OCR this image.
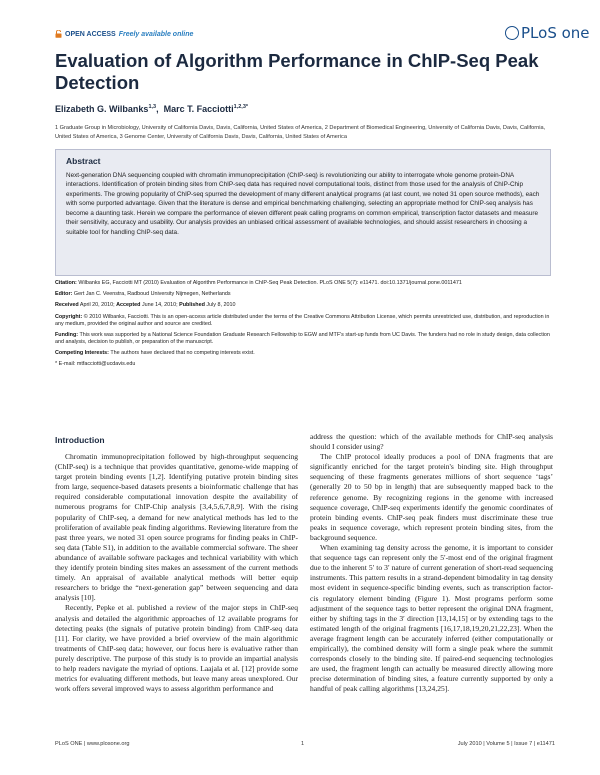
OPEN ACCESS Freely available online	PLoS one
Evaluation of Algorithm Performance in ChIP-Seq Peak Detection
Elizabeth G. Wilbanks$^{1,3}$,  Marc T. Facciotti$^{1,2,3*}$
1 Graduate Group in Microbiology, University of California Davis, Davis, California, United States of America, 2 Department of Biomedical Engineering, University of California Davis, Davis, California, United States of America, 3 Genome Center, University of California Davis, Davis, California, United States of America
Abstract

Next-generation DNA sequencing coupled with chromatin immunoprecipitation (ChIP-seq) is revolutionizing our ability to interrogate whole genome protein-DNA interactions. Identification of protein binding sites from ChIP-seq data has required novel computational tools, distinct from those used for the analysis of ChIP-Chip experiments. The growing popularity of ChIP-seq spurred the development of many different analytical programs (at last count, we noted 31 open source methods), each with some purported advantage. Given that the literature is dense and empirical benchmarking challenging, selecting an appropriate method for ChIP-seq analysis has become a daunting task. Herein we compare the performance of eleven different peak calling programs on common empirical, transcription factor datasets and measure their sensitivity, accuracy and usability. Our analysis provides an unbiased critical assessment of available technologies, and should assist researchers in choosing a suitable tool for handling ChIP-seq data.

Citation: Wilbanks EG, Facciotti MT (2010) Evaluation of Algorithm Performance in ChIP-Seq Peak Detection. PLoS ONE 5(7): e11471. doi:10.1371/journal.pone.0011471
Editor: Gert Jan C. Veenstra, Radboud University Nijmegen, Netherlands
Received April 20, 2010; Accepted June 14, 2010; Published July 8, 2010
Copyright: © 2010 Wilbanks, Facciotti. This is an open-access article distributed under the terms of the Creative Commons Attribution License, which permits unrestricted use, distribution, and reproduction in any medium, provided the original author and source are credited.
Funding: This work was supported by a National Science Foundation Graduate Research Fellowship to EGW and MTF's start-up funds from UC Davis. The funders had no role in study design, data collection and analysis, decision to publish, or preparation of the manuscript.
Competing Interests: The authors have declared that no competing interests exist.
* E-mail: mtfacciotti@ucdavis.edu
Introduction

Chromatin immunoprecipitation followed by high-throughput sequencing (ChIP-seq) is a technique that provides quantitative, genome-wide mapping of target protein binding events [1,2]. Identifying putative protein binding sites from large, sequence-based datasets presents a bioinformatic challenge that has required considerable computational innovation despite the availability of numerous programs for ChIP-Chip analysis [3,4,5,6,7,8,9]. With the rising popularity of ChIP-seq, a demand for new analytical methods has led to the proliferation of available peak finding algorithms. Reviewing literature from the past three years, we noted 31 open source programs for finding peaks in ChIP-seq data (Table S1), in addition to the available commercial software. The sheer abundance of available software packages and technical variability with which they identify protein binding sites makes an assessment of the current methods timely. An appraisal of available analytical methods will better equip researchers to bridge the “next-generation gap” between sequencing and data analysis [10].

Recently, Pepke et al. published a review of the major steps in ChIP-seq analysis and detailed the algorithmic approaches of 12 available programs for detecting peaks (the signals of putative protein binding) from ChIP-seq data [11]. For clarity, we have provided a brief overview of the main algorithmic treatments of ChIP-seq data; however, our focus here is evaluative rather than purely descriptive. The purpose of this study is to provide an impartial analysis to help readers navigate the myriad of options. Laajala et al. [12] provide some metrics for evaluating different methods, but leave many areas unexplored. Our work offers several improved ways to assess algorithm performance and

address the question: which of the available methods for ChIP-seq analysis should I consider using?

The ChIP protocol ideally produces a pool of DNA fragments that are significantly enriched for the target protein's binding site. High throughput sequencing of these fragments generates millions of short sequence ‘tags’ (generally 20 to 50 bp in length) that are subsequently mapped back to the reference genome. By recognizing regions in the genome with increased sequence coverage, ChIP-seq experiments identify the genomic coordinates of protein binding events. ChIP-seq peak finders must discriminate these true peaks in sequence coverage, which represent protein binding sites, from the background sequence.

When examining tag density across the genome, it is important to consider that sequence tags can represent only the 5′-most end of the original fragment due to the inherent 5′ to 3′ nature of current generation of short-read sequencing instruments. This pattern results in a strand-dependent bimodality in tag density most evident in sequence-specific binding events, such as transcription factor-cis regulatory element binding (Figure 1). Most programs perform some adjustment of the sequence tags to better represent the original DNA fragment, either by shifting tags in the 3′ direction [13,14,15] or by extending tags to the estimated length of the original fragments [16,17,18,19,20,21,22,23]. When the average fragment length can be accurately inferred (either computationally or empirically), the combined density will form a single peak where the summit corresponds closely to the binding site. If paired-end sequencing technologies are used, the fragment length can actually be measured directly allowing more precise determination of binding sites, a feature currently supported by only a handful of peak calling algorithms [13,24,25].

PLoS ONE | www.plosone.org	1	July 2010 | Volume 5 | Issue 7 | e11471
